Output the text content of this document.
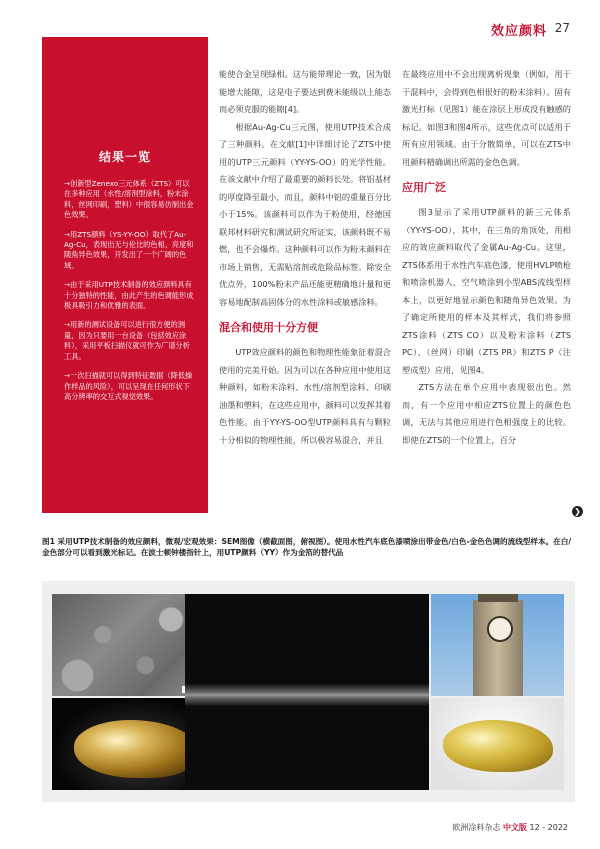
效应颜料 27
结果一览
→创新型Zenexo三元体系（ZTS）可以在多种应用（水性/溶剂型涂料，粉末涂料，丝网印刷，塑料）中很容易仿制出金色效果。
→用ZTS颜料（YS-YY-OO）取代了Au-Ag-Cu，表现出无与伦比的色相、亮度和随角异色效果，开发出了一个广阔的色域。
→由于采用UTP技术制备的效应颜料具有十分独特的性能，由此产生的色调能形成极具吸引力和优雅的表面。
→用新的测试设备可以进行很方便的测量，因为只要用一台设备（包括效应涂料），采用平板扫描仪就可作为广谱分析工具。
→一次扫描就可以得到特征数据（降低操作样品的风险），可以呈现在任何形状下高分辨率的交互式视觉效果。

能使合金呈现绿相。这与能带理论一致，因为银能增大能隙，这是电子要达到费米能级以上能态而必须克服的能隙[4]。

根据Au-Ag-Cu三元图，使用UTP技术合成了三种颜料。在文献[1]中详细讨论了ZTS中使用的UTP三元颜料（YY-YS-OO）的光学性能。在该文献中介绍了最重要的颜料长处。将铝基材的厚度降至最小，而且，颜料中铝的重量百分比小于15%。该颜料可以作为干粉使用，经德国联邦材料研究和测试研究所证实，该颜料既不易燃，也不会爆炸。这种颜料可以作为粉末颜料在市场上销售，无需贴溶剂或危险品标签。除安全优点外，100%粉末产品还能更精确地计量和更容易地配制高固体分的水性涂料或敏感涂料。

混合和使用十分方便

UTP效应颜料的颜色和物理性能象征着混合使用的完美开始。因为可以在各种应用中使用这种颜料，如粉末涂料、水性/溶剂型涂料、印刷油墨和塑料，在这些应用中，颜料可以发挥其着色性能。由于YY-YS-OO型UTP颜料具有与颗粒十分相似的物理性能，所以极容易混合，并且

在最终应用中不会出现离析现象（例如，用于干混料中，会得到色相很好的粉末涂料）。固有激光打标（见图1）能在涂层上形成没有触感的标记。如图3和图4所示，这些优点可以适用于所有应用领域。由于分散简单，可以在ZTS中用颜料精确调出所需的金色色调。

应用广泛

图3显示了采用UTP颜料的新三元体系（YY-YS-OO），其中，在三角的角顶处，用相应的效应颜料取代了金属Au-Ag-Cu。这里，ZTS体系用于水性汽车底色漆，使用HVLP喷枪和喷涂机器人，空气喷涂到小型ABS流线型样本上，以更好地显示颜色和随角异色效果。为了确定所使用的样本及其样式，我们将参照ZTS涂料（ZTS CO）以及粉末涂料（ZTS PC）、（丝网）印刷（ZTS PR）和ZTS P（注塑成型）应用，见图4。

ZTS方法在单个应用中表现很出色。然而，有一个应用中相应ZTS位置上的颜色色调，无法与其他应用进行色相强度上的比较。即使在ZTS的一个位置上，百分

❯
图1 采用UTP技术制备的效应颜料，微观/宏观效果：SEM图像（横截面图，俯视图）。使用水性汽车底色漆喷涂出带金色/白色-金色色调的流线型样本。在白/金色部分可以看到激光标记。在波士顿钟楼指针上，用UTP颜料（YY）作为金箔的替代品
欧洲涂料杂志 中文版 12 - 2022
